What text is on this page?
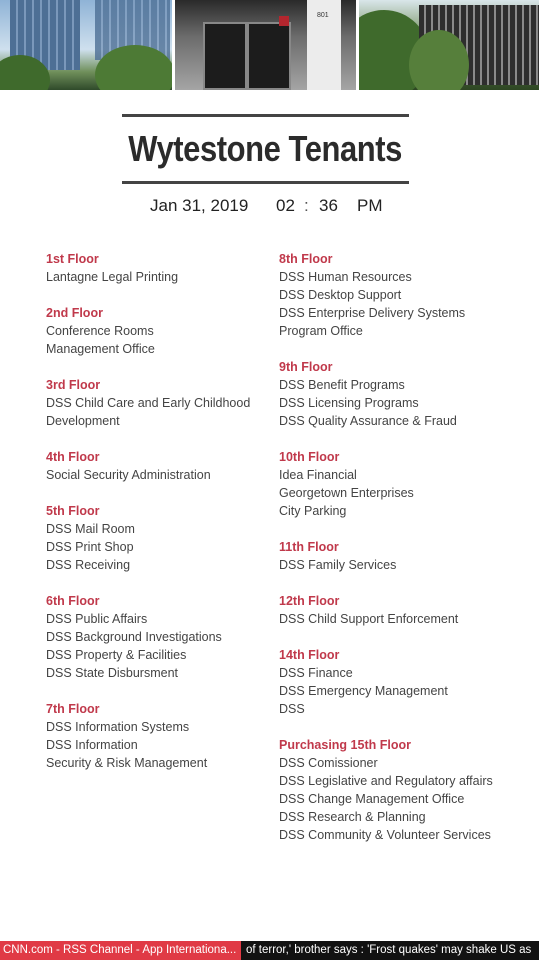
801
Wytestone Tenants
Jan 31, 2019 02 : 36 PM
1st Floor
Lantagne Legal Printing
2nd Floor
Conference Rooms
Management Office
3rd Floor
DSS Child Care and Early Childhood
Development
4th Floor
Social Security Administration
5th Floor
DSS Mail Room
DSS Print Shop
DSS Receiving
6th Floor
DSS Public Affairs
DSS Background Investigations
DSS Property & Facilities
DSS State Disbursment
7th Floor
DSS Information Systems
DSS Information
Security & Risk Management
8th Floor
DSS Human Resources
DSS Desktop Support
DSS Enterprise Delivery Systems
Program Office
9th Floor
DSS Benefit Programs
DSS Licensing Programs
DSS Quality Assurance & Fraud
10th Floor
Idea Financial
Georgetown Enterprises
City Parking
11th Floor
DSS Family Services
12th Floor
DSS Child Support Enforcement
14th Floor
DSS Finance
DSS Emergency Management
DSS
Purchasing 15th Floor
DSS Comissioner
DSS Legislative and Regulatory affairs
DSS Change Management Office
DSS Research & Planning
DSS Community & Volunteer Services
CNN.com - RSS Channel - App Internationa... of terror,' brother says : 'Frost quakes' may shake US as
